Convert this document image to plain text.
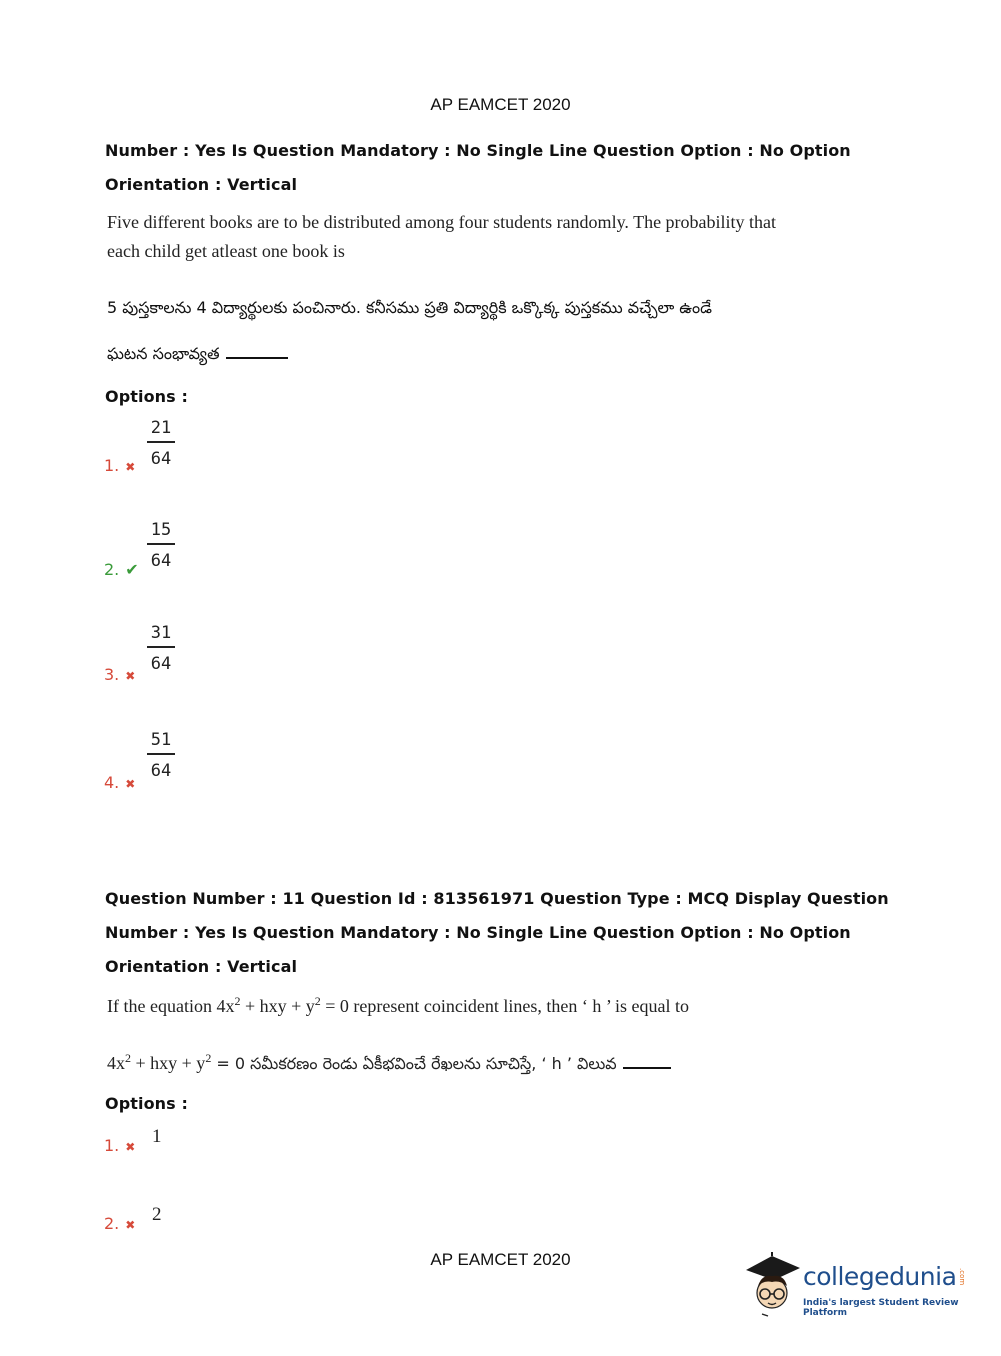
AP EAMCET 2020
Number : Yes Is Question Mandatory : No Single Line Question Option : No Option
Orientation : Vertical
Five different books are to be distributed among four students randomly. The probability that
each child get atleast one book is
5 పుస్తకాలను 4 విద్యార్థులకు పంచినారు. కనీసము ప్రతి విద్యార్థికి ఒక్కొక్క పుస్తకము వచ్చేలా ఉండే
ఘటన సంభావ్యత
Options :
$\frac{21}{64}$
1. ✖
$\frac{15}{64}$
2. ✔
$\frac{31}{64}$
3. ✖
$\frac{51}{64}$
4. ✖
Question Number : 11 Question Id : 813561971 Question Type : MCQ Display Question
Number : Yes Is Question Mandatory : No Single Line Question Option : No Option
Orientation : Vertical
If the equation $4x^2$ + hxy + $y^2 = 0$ represent coincident lines, then ‘ h ’ is equal to
$4x^2$ + hxy + $y^2 = 0$ సమీకరణం రెండు ఏకీభవించే రేఖలను సూచిస్తే, ‘ h ’ విలువ
Options :
1. ✖ 1
2. ✖ 2
AP EAMCET 2020
collegedunia .com
India's largest Student Review Platform
